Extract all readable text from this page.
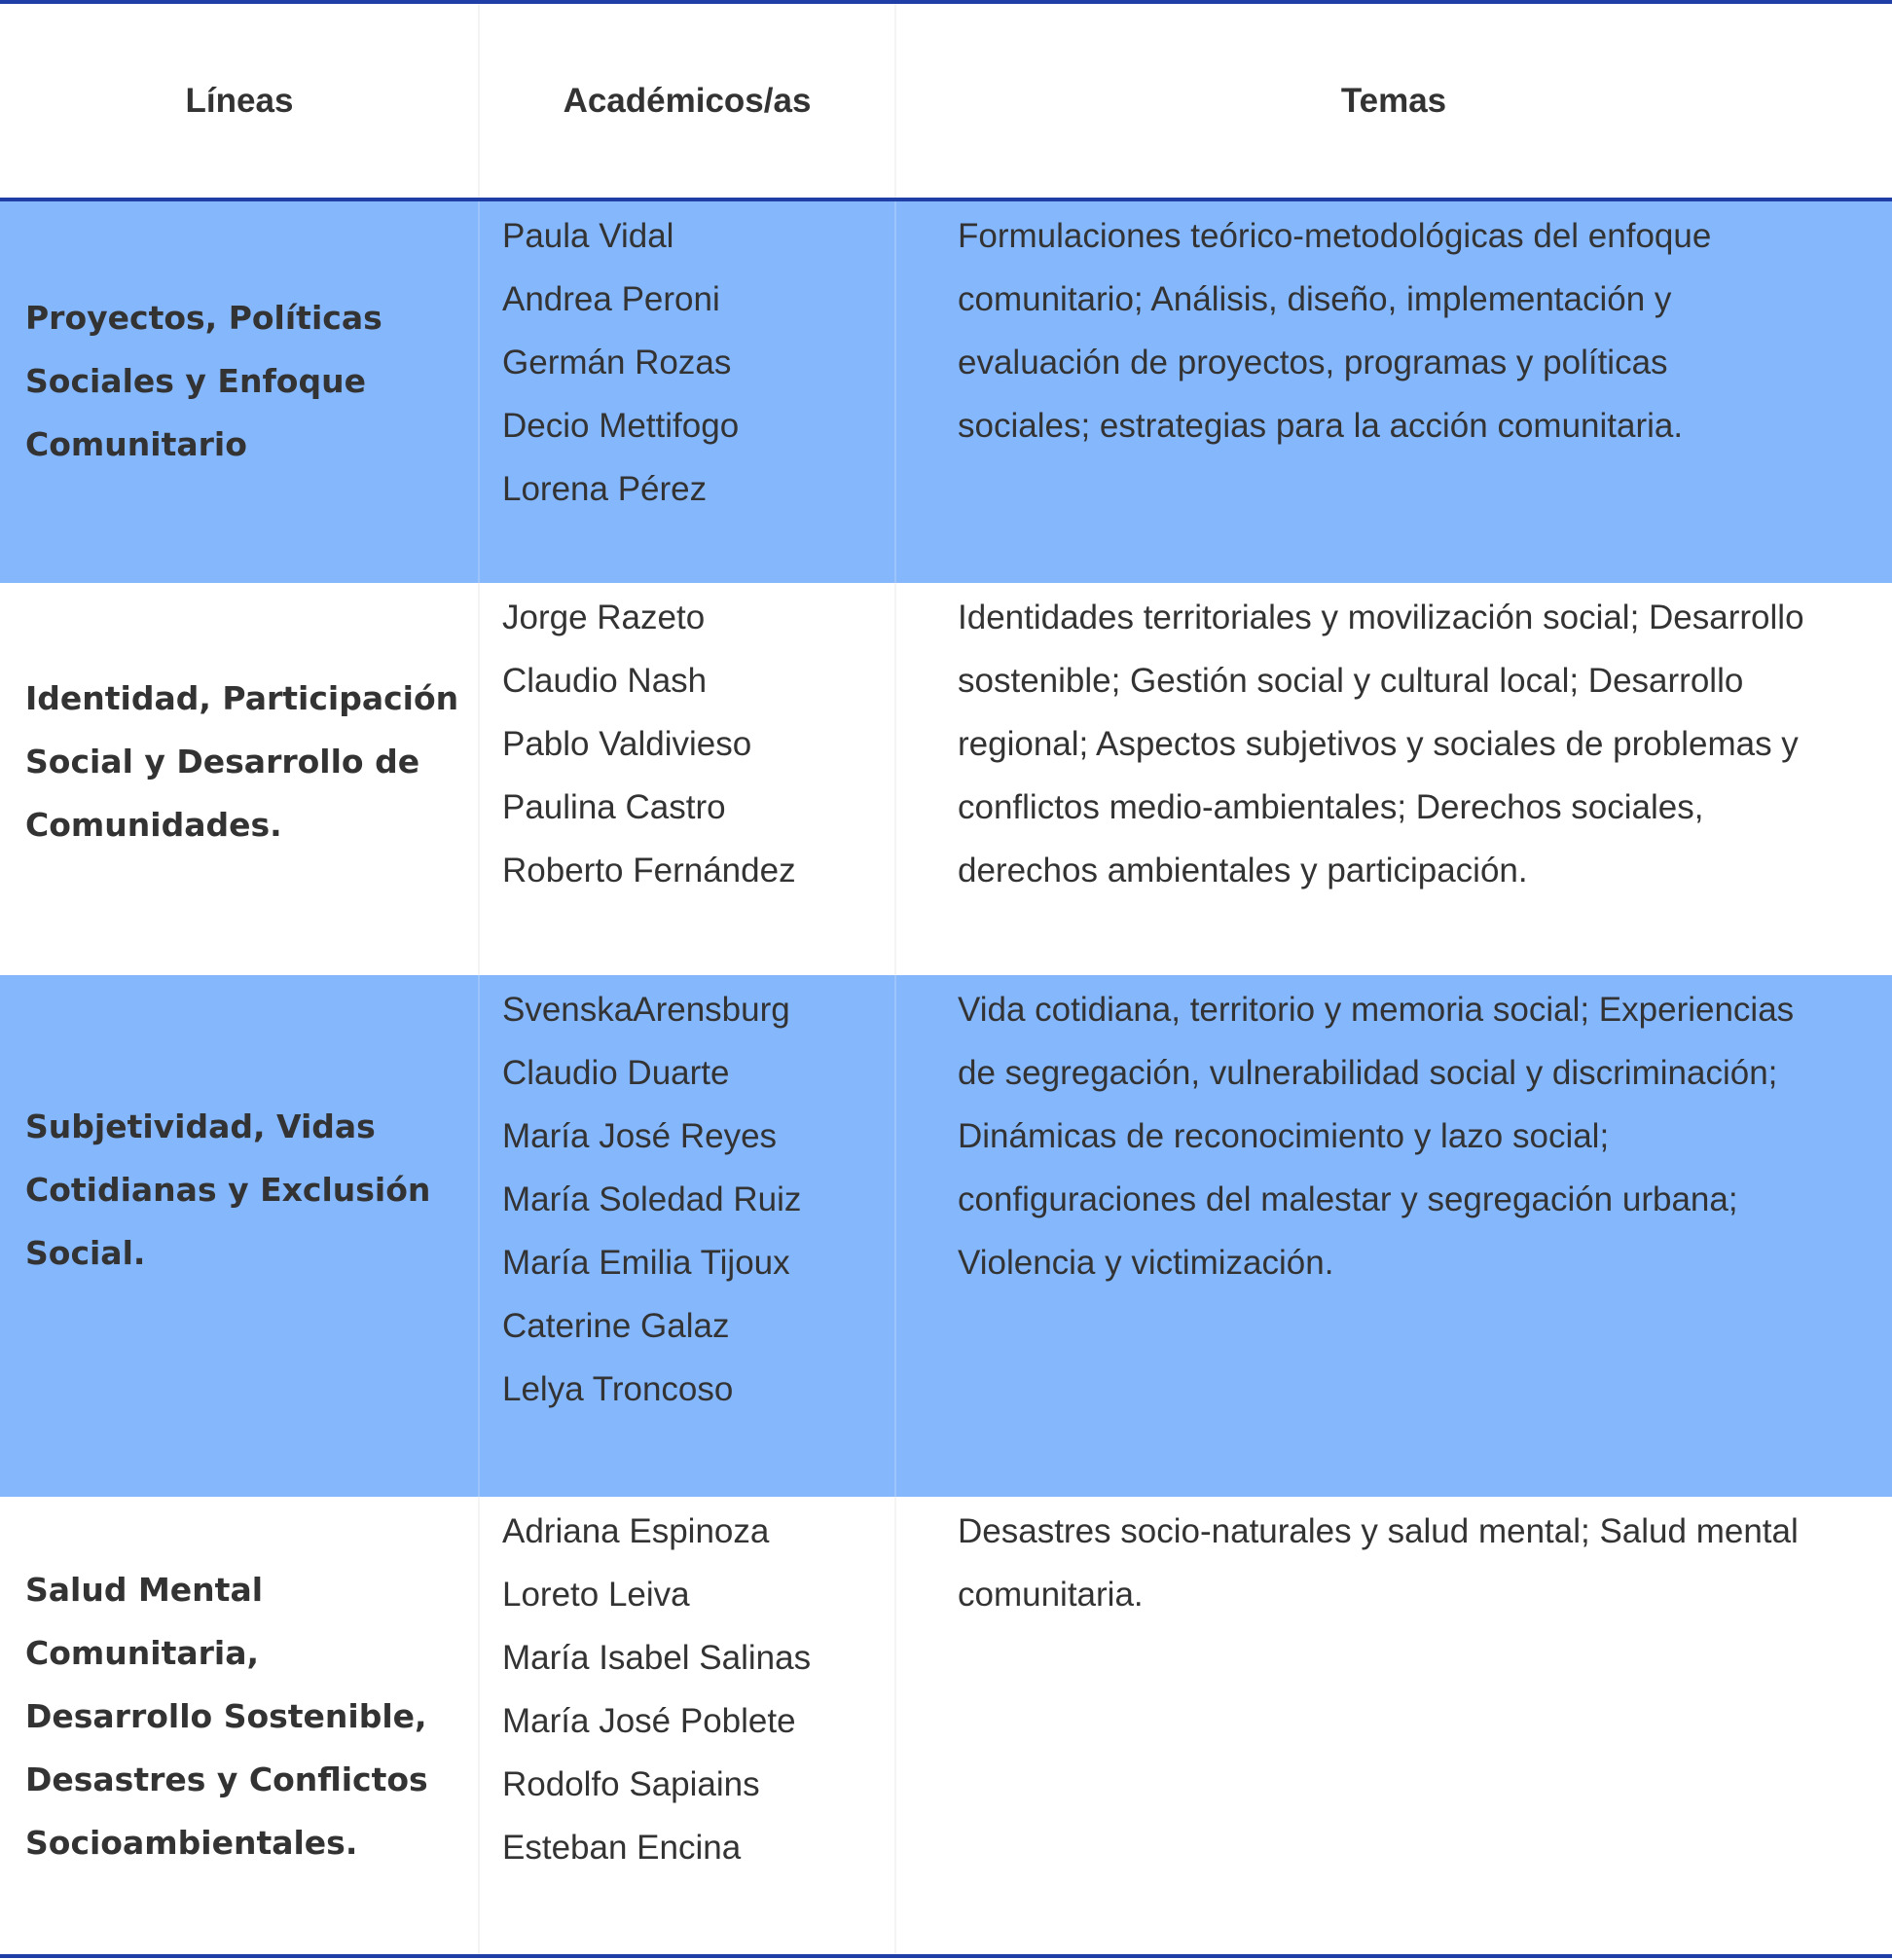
Líneas	Académicos/as	Temas
Proyectos, Políticas
Sociales y Enfoque
Comunitario
Paula Vidal
Andrea Peroni
Germán Rozas
Decio Mettifogo
Lorena Pérez
Formulaciones teórico-metodológicas del enfoque
comunitario; Análisis, diseño, implementación y
evaluación de proyectos, programas y políticas
sociales; estrategias para la acción comunitaria.
Identidad, Participación
Social y Desarrollo de
Comunidades.
Jorge Razeto
Claudio Nash
Pablo Valdivieso
Paulina Castro
Roberto Fernández
Identidades territoriales y movilización social; Desarrollo
sostenible; Gestión social y cultural local; Desarrollo
regional; Aspectos subjetivos y sociales de problemas y
conflictos medio-ambientales; Derechos sociales,
derechos ambientales y participación.
Subjetividad, Vidas
Cotidianas y Exclusión
Social.
SvenskaArensburg
Claudio Duarte
María José Reyes
María Soledad Ruiz
María Emilia Tijoux
Caterine Galaz
Lelya Troncoso
Vida cotidiana, territorio y memoria social; Experiencias
de segregación, vulnerabilidad social y discriminación;
Dinámicas de reconocimiento y lazo social;
configuraciones del malestar y segregación urbana;
Violencia y victimización.
Salud Mental Comunitaria,
Desarrollo Sostenible,
Desastres y Conflictos
Socioambientales.
Adriana Espinoza
Loreto Leiva
María Isabel Salinas
María José Poblete
Rodolfo Sapiains
Esteban Encina
Desastres socio-naturales y salud mental; Salud mental
comunitaria.
